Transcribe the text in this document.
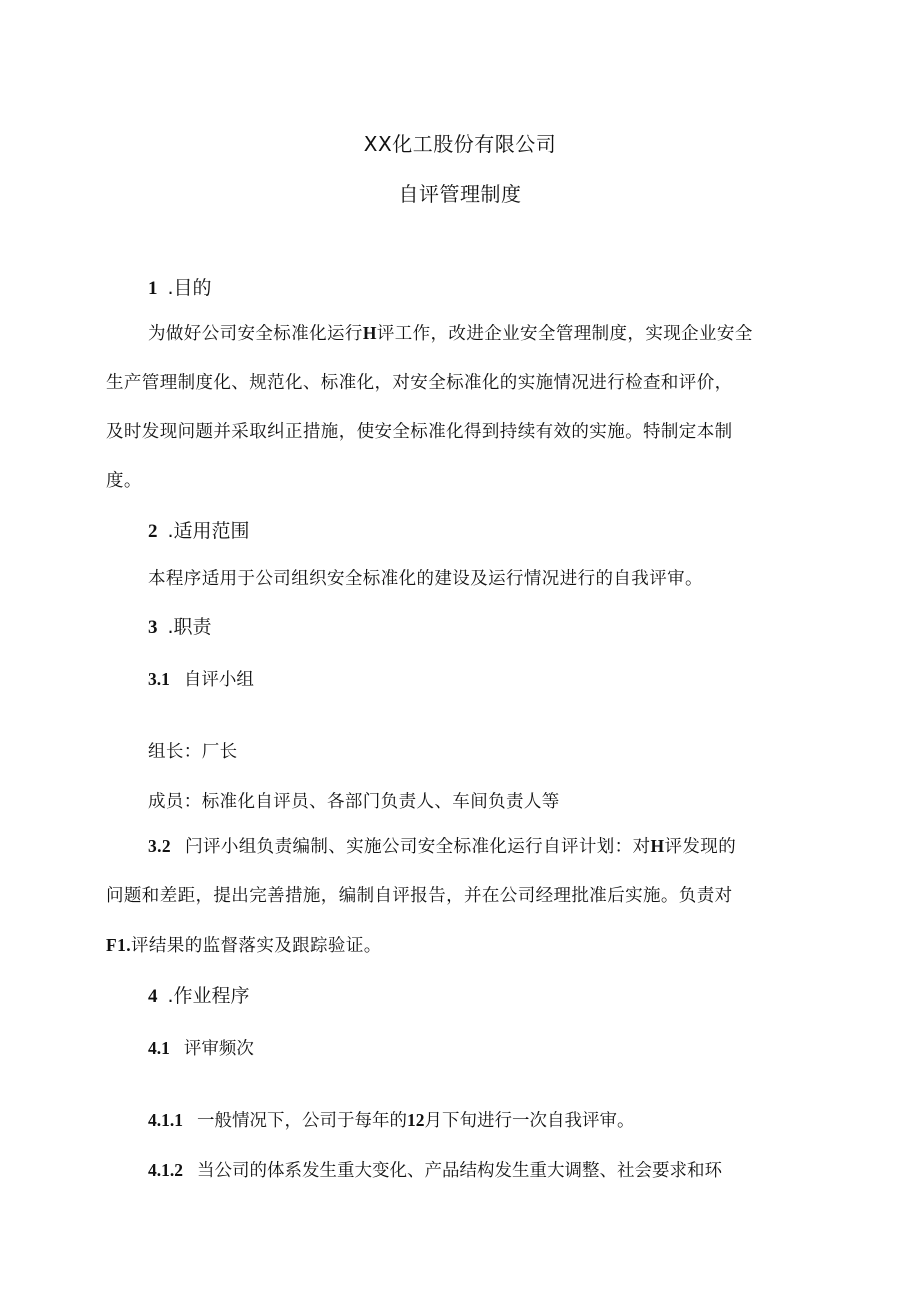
XX化工股份有限公司
自评管理制度
1 .目的
为做好公司安全标准化运行H评工作，改进企业安全管理制度，实现企业安全
生产管理制度化、规范化、标准化，对安全标准化的实施情况进行检查和评价，
及时发现问题并采取纠正措施，使安全标准化得到持续有效的实施。特制定本制
度。
2 .适用范围
本程序适用于公司组织安全标准化的建设及运行情况进行的自我评审。
3 .职责
3.1 自评小组
组长：厂长
成员：标准化自评员、各部门负责人、车间负责人等
3.2 闩评小组负责编制、实施公司安全标准化运行自评计划：对H评发现的
问题和差距，提出完善措施，编制自评报告，并在公司经理批准后实施。负责对
F1.评结果的监督落实及跟踪验证。
4 .作业程序
4.1 评审频次
4.1.1 一般情况下，公司于每年的12月下旬进行一次自我评审。
4.1.2 当公司的体系发生重大变化、产品结构发生重大调整、社会要求和环
